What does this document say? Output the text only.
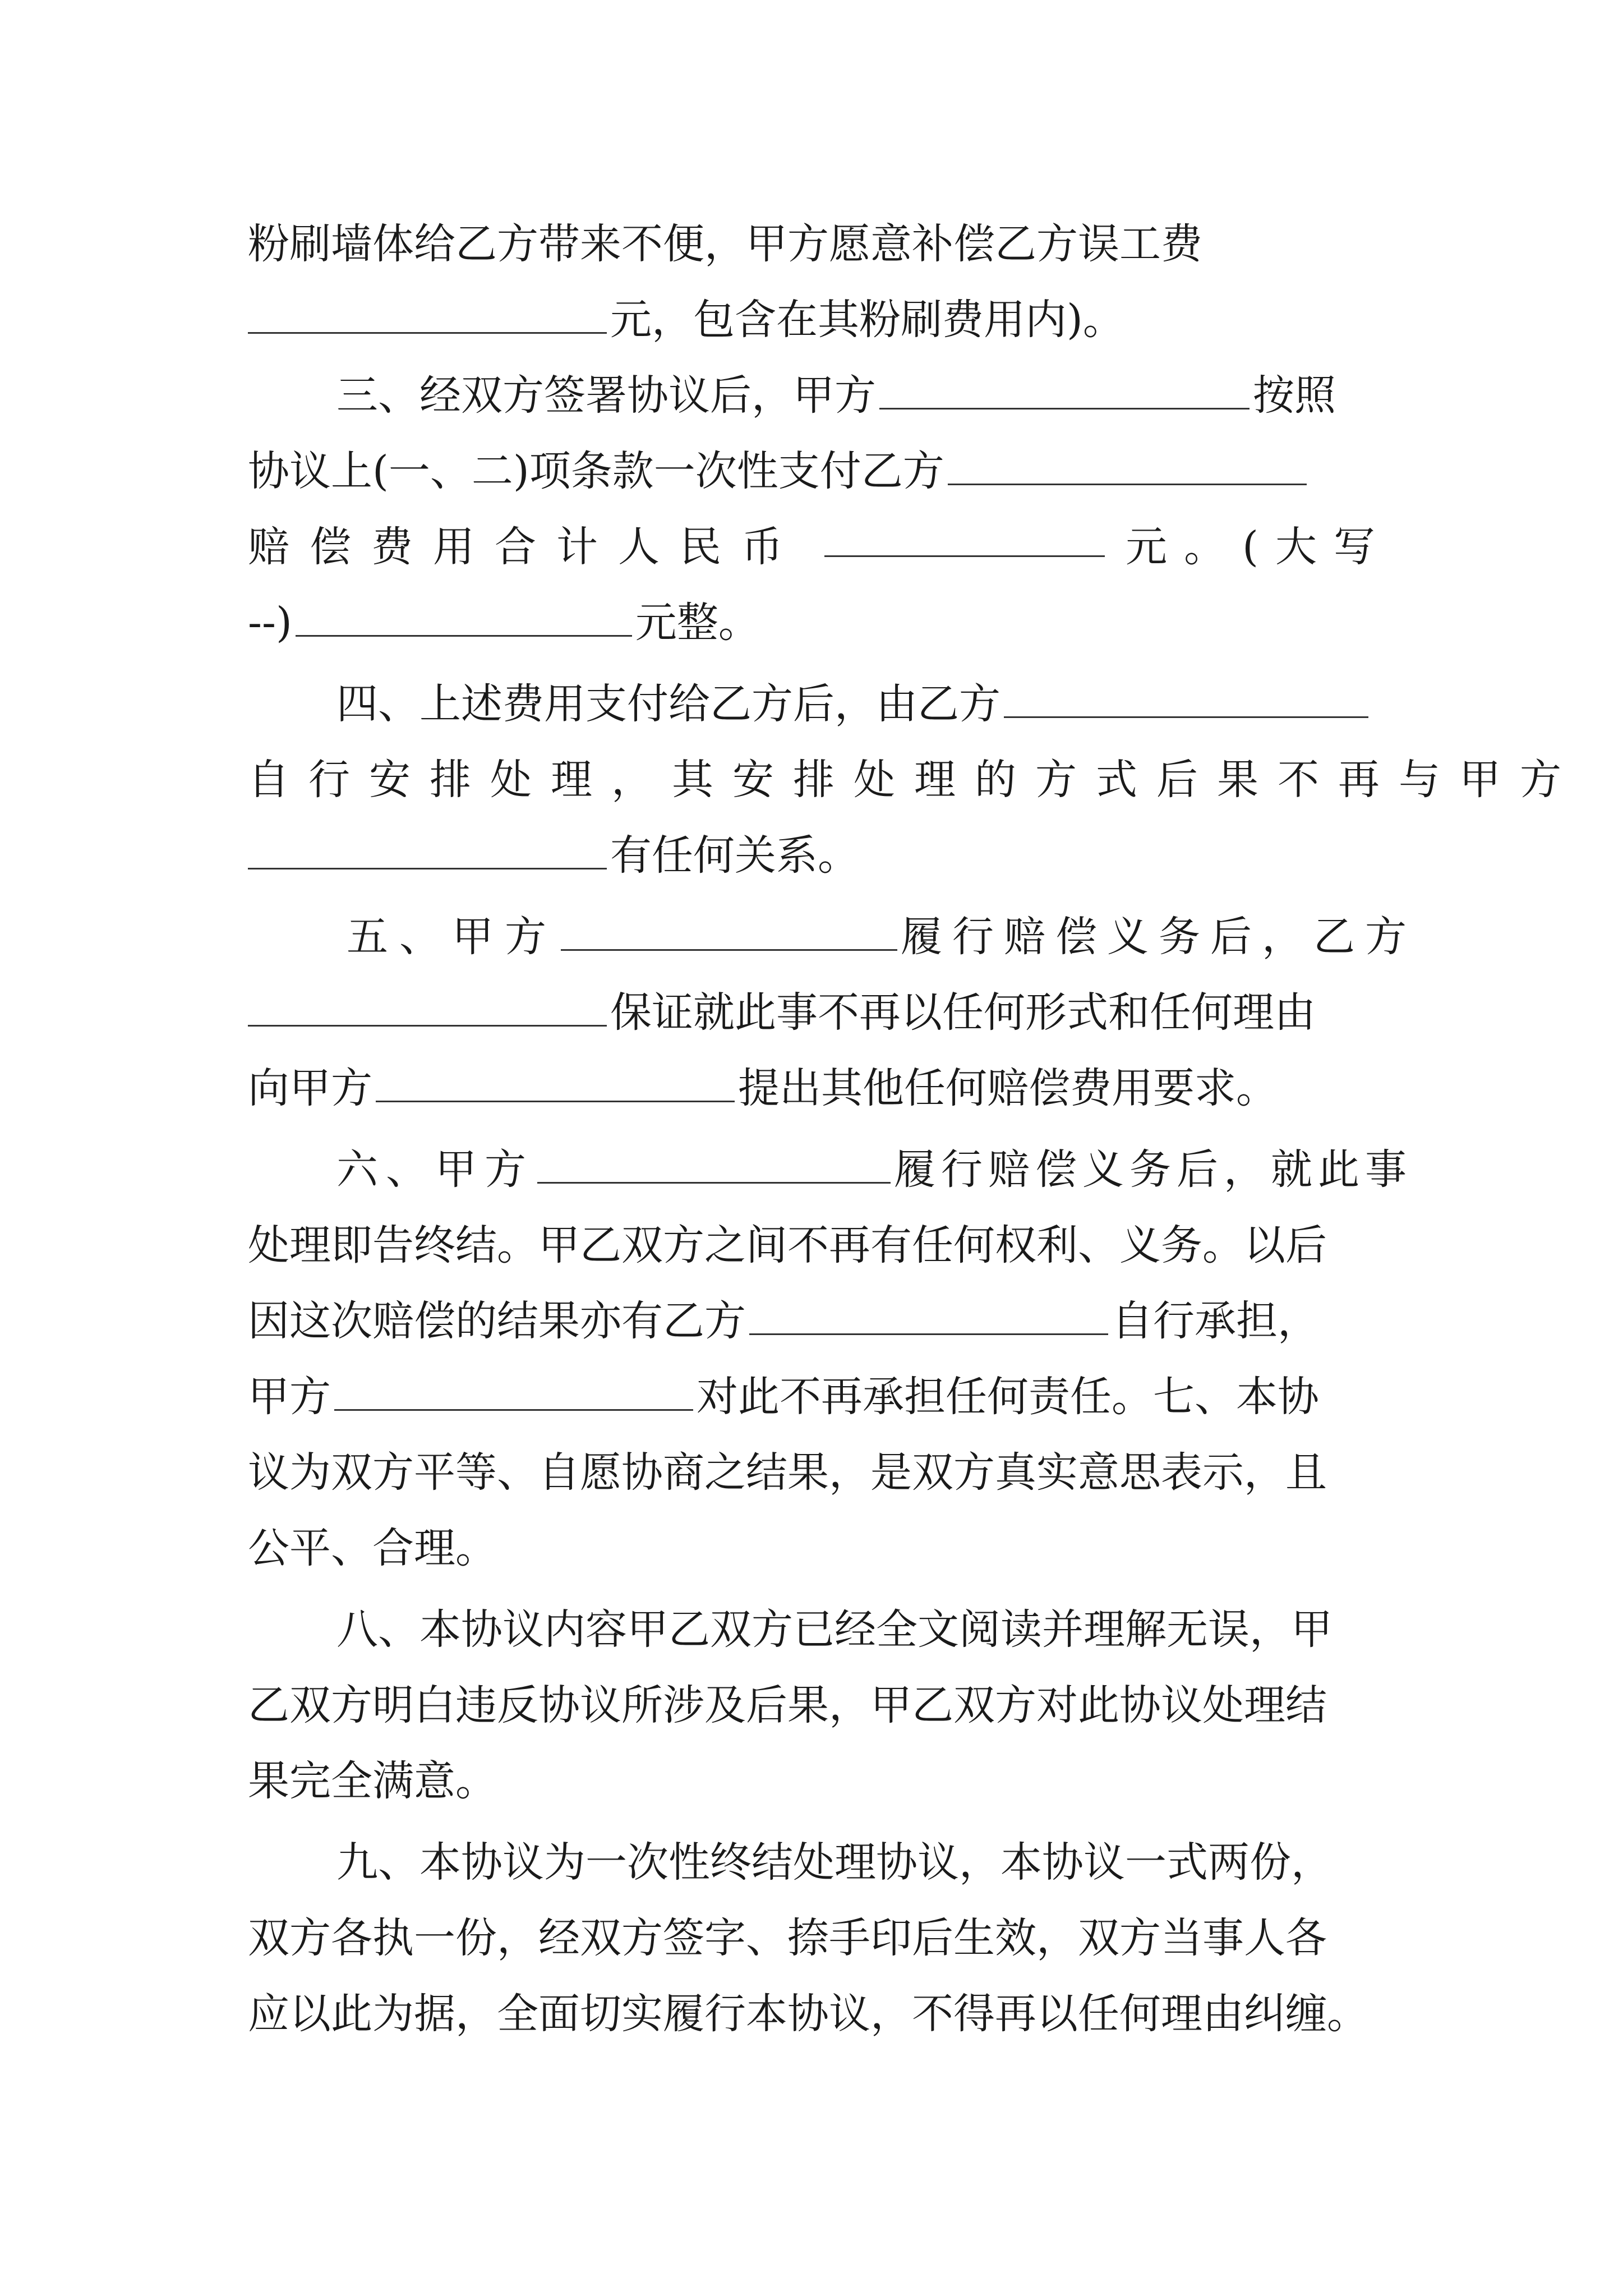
粉刷墙体给乙方带来不便，甲方愿意补偿乙方误工费
元，包含在其粉刷费用内)。
三、经双方签署协议后，甲方	按照
协议上(一、二)项条款一次性支付乙方
赔偿费用合计人民币	元。(大写
--)	元整。
四、上述费用支付给乙方后，由乙方
自行安排处理，其安排处理的方式后果不再与甲方
有任何关系。
五、甲方	履行赔偿义务后，乙方
保证就此事不再以任何形式和任何理由
向甲方	提出其他任何赔偿费用要求。
六、甲方	履行赔偿义务后，就此事
处理即告终结。甲乙双方之间不再有任何权利、义务。以后
因这次赔偿的结果亦有乙方	自行承担，
甲方	对此不再承担任何责任。七、本协
议为双方平等、自愿协商之结果，是双方真实意思表示，且
公平、合理。
八、本协议内容甲乙双方已经全文阅读并理解无误，甲
乙双方明白违反协议所涉及后果，甲乙双方对此协议处理结
果完全满意。
九、本协议为一次性终结处理协议，本协议一式两份，
双方各执一份，经双方签字、捺手印后生效，双方当事人各
应以此为据，全面切实履行本协议，不得再以任何理由纠缠。
